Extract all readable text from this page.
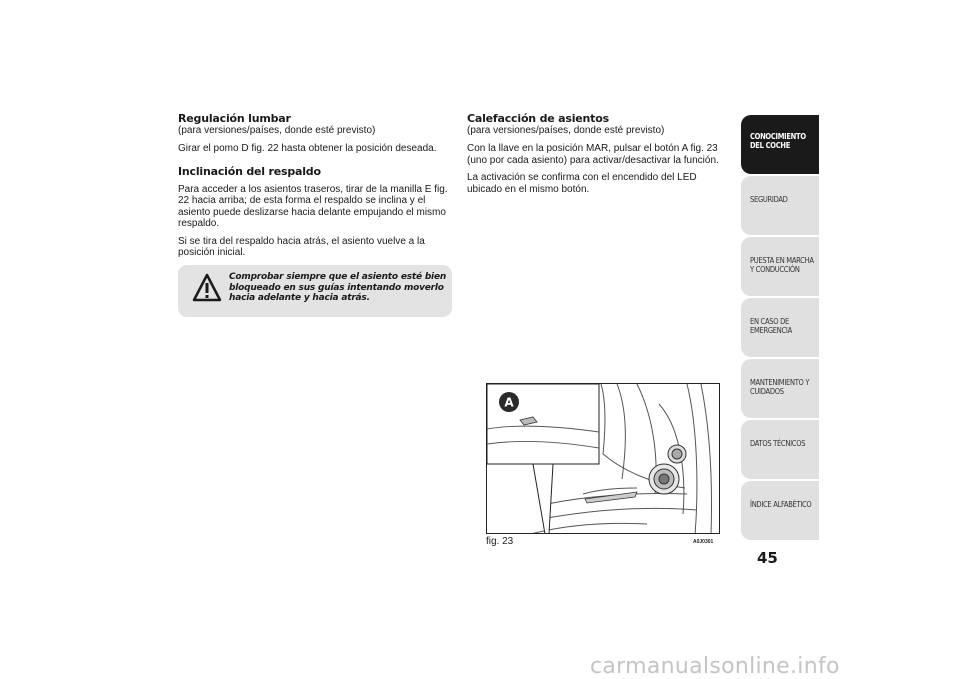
Regulación lumbar

(para versiones/países, donde esté previsto)

Girar el pomo D fig. 22 hasta obtener la posición deseada.

Inclinación del respaldo

Para acceder a los asientos traseros, tirar de la manilla E fig. 22 hacia arriba; de esta forma el respaldo se inclina y el asiento puede deslizarse hacia delante empujando el mismo respaldo.

Si se tira del respaldo hacia atrás, el asiento vuelve a la posición inicial.

Comprobar siempre que el asiento esté bien bloqueado en sus guías intentando moverlo hacia adelante y hacia atrás.

Calefacción de asientos

(para versiones/países, donde esté previsto)

Con la llave en la posición MAR, pulsar el botón A fig. 23 (uno por cada asiento) para activar/desactivar la función.

La activación se confirma con el encendido del LED ubicado en el mismo botón.

A
fig. 23	A0J0301
CONOCIMIENTO DEL COCHE
SEGURIDAD
PUESTA EN MARCHA Y CONDUCCIÓN
EN CASO DE EMERGENCIA
MANTENIMIENTO Y CUIDADOS
DATOS TÉCNICOS
ÍNDICE ALFABÉTICO
45
carmanualsonline.info
